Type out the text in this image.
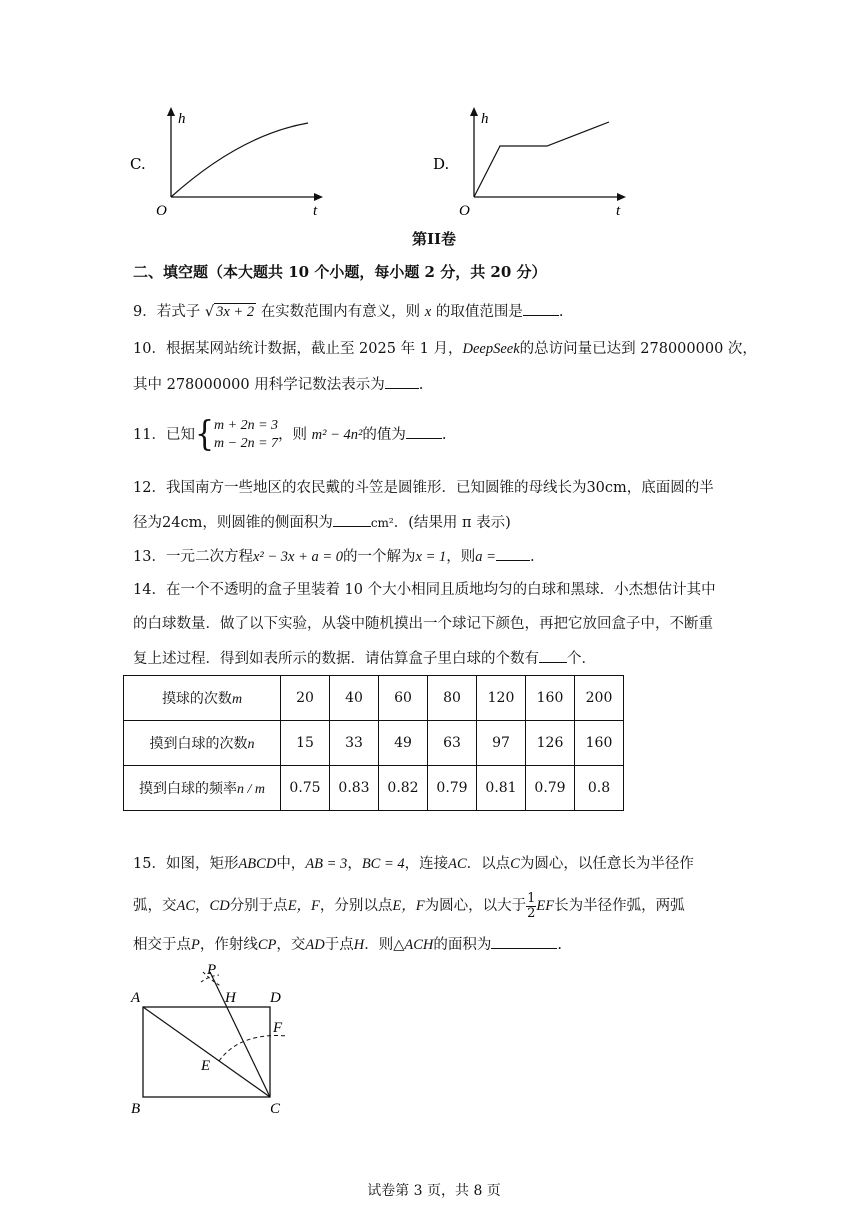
C.
h
t
O
D.
h
t
O
第II卷
二、填空题（本大题共 10 个小题，每小题 2 分，共 20 分）
9．若式子 √ 3x + 2 在实数范围内有意义，则 x 的取值范围是 .
10．根据某网站统计数据，截止至 2025 年 1 月，DeepSeek的总访问量已达到 278000000 次，
其中 278000000 用科学记数法表示为 .
11．已知{ m + 2n = 3
m − 2n = 7
，则 m² − 4n²的值为 .
12．我国南方一些地区的农民戴的斗笠是圆锥形．已知圆锥的母线长为30cm，底面圆的半
径为24cm，则圆锥的侧面积为	cm²．(结果用 π 表示)
13．一元二次方程x² − 3x + a = 0的一个解为x = 1，则a = .
14．在一个不透明的盒子里装着 10 个大小相同且质地均匀的白球和黑球．小杰想估计其中
的白球数量．做了以下实验，从袋中随机摸出一个球记下颜色，再把它放回盒子中，不断重
复上述过程．得到如表所示的数据．请估算盒子里白球的个数有 个．
摸球的次数m	20	40	60	80	120	160	200
摸到白球的次数n	15	33	49	63	97	126	160
摸到白球的频率n / m	0.75	0.83	0.82	0.79	0.81	0.79	0.8
15．如图，矩形ABCD中，AB = 3，BC = 4，连接AC．以点C为圆心，以任意长为半径作
弧，交AC，CD分别于点E，F，分别以点E，F为圆心，以大于 $\frac{1}{2}$ EF长为半径作弧，两弧
相交于点P，作射线CP，交AD于点H．则△ACH的面积为	.
A
B	C
D
E
F
H
P
试卷第 3 页，共 8 页
